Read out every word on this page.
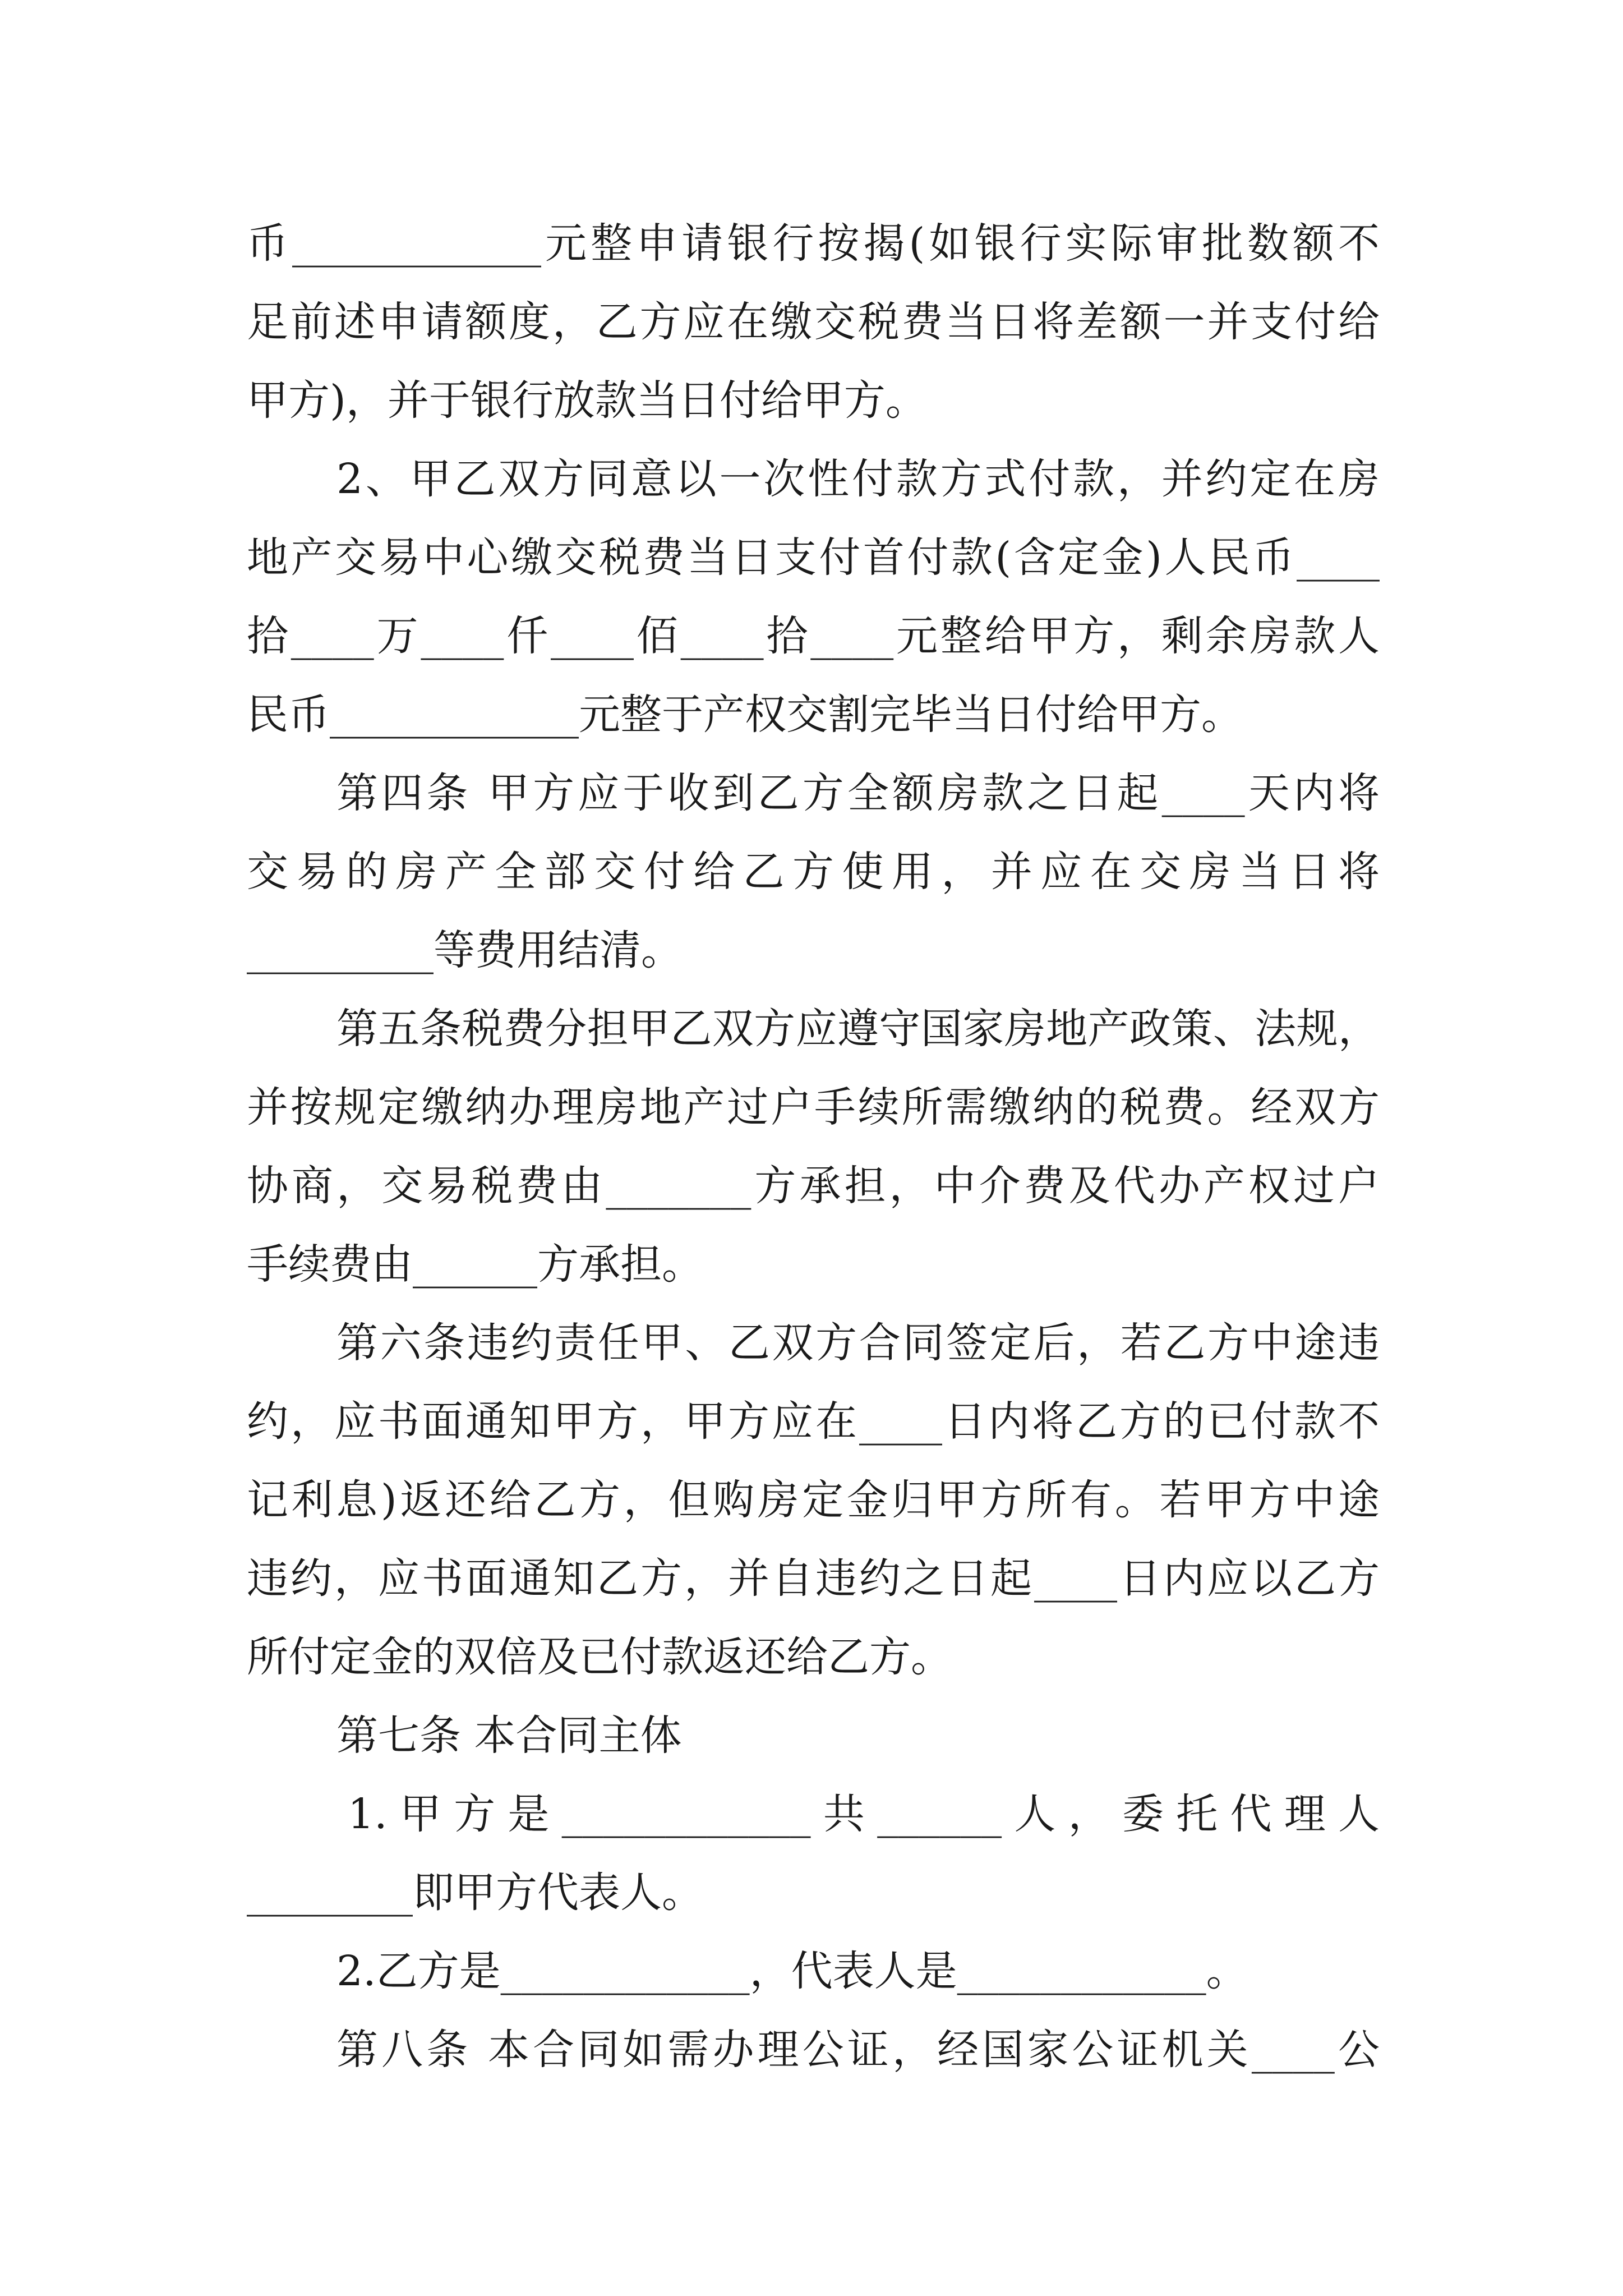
币____________元整申请银行按揭(如银行实际审批数额不
足前述申请额度，乙方应在缴交税费当日将差额一并支付给
甲方)，并于银行放款当日付给甲方。
2、甲乙双方同意以一次性付款方式付款，并约定在房
地产交易中心缴交税费当日支付首付款(含定金)人民币____
拾____万____仟____佰____拾____元整给甲方，剩余房款人
民币____________元整于产权交割完毕当日付给甲方。
第四条 甲方应于收到乙方全额房款之日起____天内将
交易的房产全部交付给乙方使用，并应在交房当日将
_________等费用结清。
第五条税费分担甲乙双方应遵守国家房地产政策、法规，
并按规定缴纳办理房地产过户手续所需缴纳的税费。经双方
协商，交易税费由_______方承担，中介费及代办产权过户
手续费由______方承担。
第六条违约责任甲、乙双方合同签定后，若乙方中途违
约，应书面通知甲方，甲方应在____日内将乙方的已付款不
记利息)返还给乙方，但购房定金归甲方所有。若甲方中途
违约，应书面通知乙方，并自违约之日起____日内应以乙方
所付定金的双倍及已付款返还给乙方。
第七条 本合同主体
1.甲方是____________共______人，委托代理人
________即甲方代表人。
2.乙方是____________，代表人是____________。
第八条 本合同如需办理公证，经国家公证机关____公
